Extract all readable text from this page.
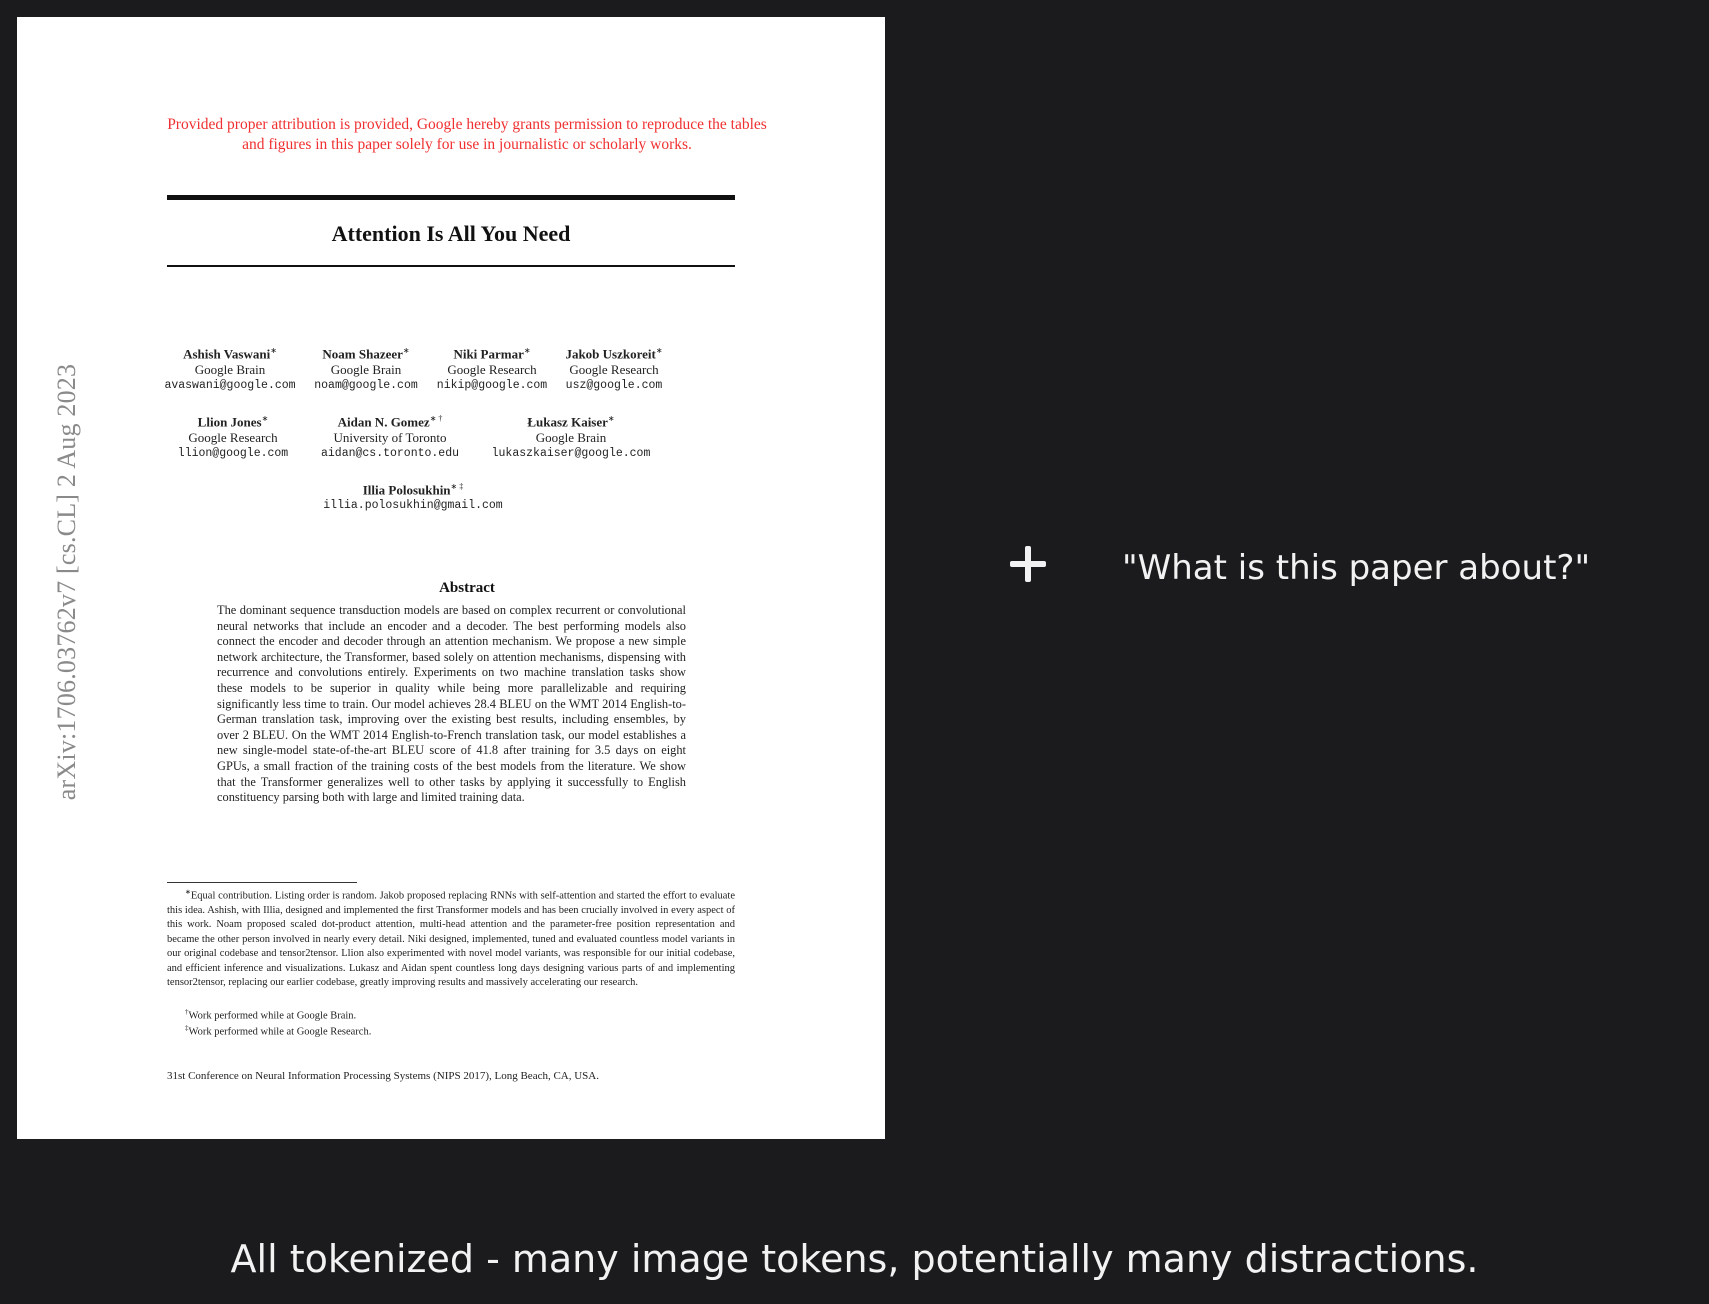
arXiv:1706.03762v7 [cs.CL] 2 Aug 2023
Provided proper attribution is provided, Google hereby grants permission to reproduce the tables and figures in this paper solely for use in journalistic or scholarly works.
Attention Is All You Need
Ashish Vaswani∗
Google Brain
avaswani@google.com
Noam Shazeer∗
Google Brain
noam@google.com
Niki Parmar∗
Google Research
nikip@google.com
Jakob Uszkoreit∗
Google Research
usz@google.com
Llion Jones∗
Google Research
llion@google.com
Aidan N. Gomez∗ †
University of Toronto
aidan@cs.toronto.edu
Łukasz Kaiser∗
Google Brain
lukaszkaiser@google.com
Illia Polosukhin∗ ‡
illia.polosukhin@gmail.com
Abstract
The dominant sequence transduction models are based on complex recurrent or convolutional neural networks that include an encoder and a decoder. The best performing models also connect the encoder and decoder through an attention mechanism. We propose a new simple network architecture, the Transformer, based solely on attention mechanisms, dispensing with recurrence and convolutions entirely. Experiments on two machine translation tasks show these models to be superior in quality while being more parallelizable and requiring significantly less time to train. Our model achieves 28.4 BLEU on the WMT 2014 English-to-German translation task, improving over the existing best results, including ensembles, by over 2 BLEU. On the WMT 2014 English-to-French translation task, our model establishes a new single-model state-of-the-art BLEU score of 41.8 after training for 3.5 days on eight GPUs, a small fraction of the training costs of the best models from the literature. We show that the Transformer generalizes well to other tasks by applying it successfully to English constituency parsing both with large and limited training data.
∗Equal contribution. Listing order is random. Jakob proposed replacing RNNs with self-attention and started the effort to evaluate this idea. Ashish, with Illia, designed and implemented the first Transformer models and has been crucially involved in every aspect of this work. Noam proposed scaled dot-product attention, multi-head attention and the parameter-free position representation and became the other person involved in nearly every detail. Niki designed, implemented, tuned and evaluated countless model variants in our original codebase and tensor2tensor. Llion also experimented with novel model variants, was responsible for our initial codebase, and efficient inference and visualizations. Lukasz and Aidan spent countless long days designing various parts of and implementing tensor2tensor, replacing our earlier codebase, greatly improving results and massively accelerating our research.
†Work performed while at Google Brain.
‡Work performed while at Google Research.
31st Conference on Neural Information Processing Systems (NIPS 2017), Long Beach, CA, USA.
"What is this paper about?"
All tokenized - many image tokens, potentially many distractions.
